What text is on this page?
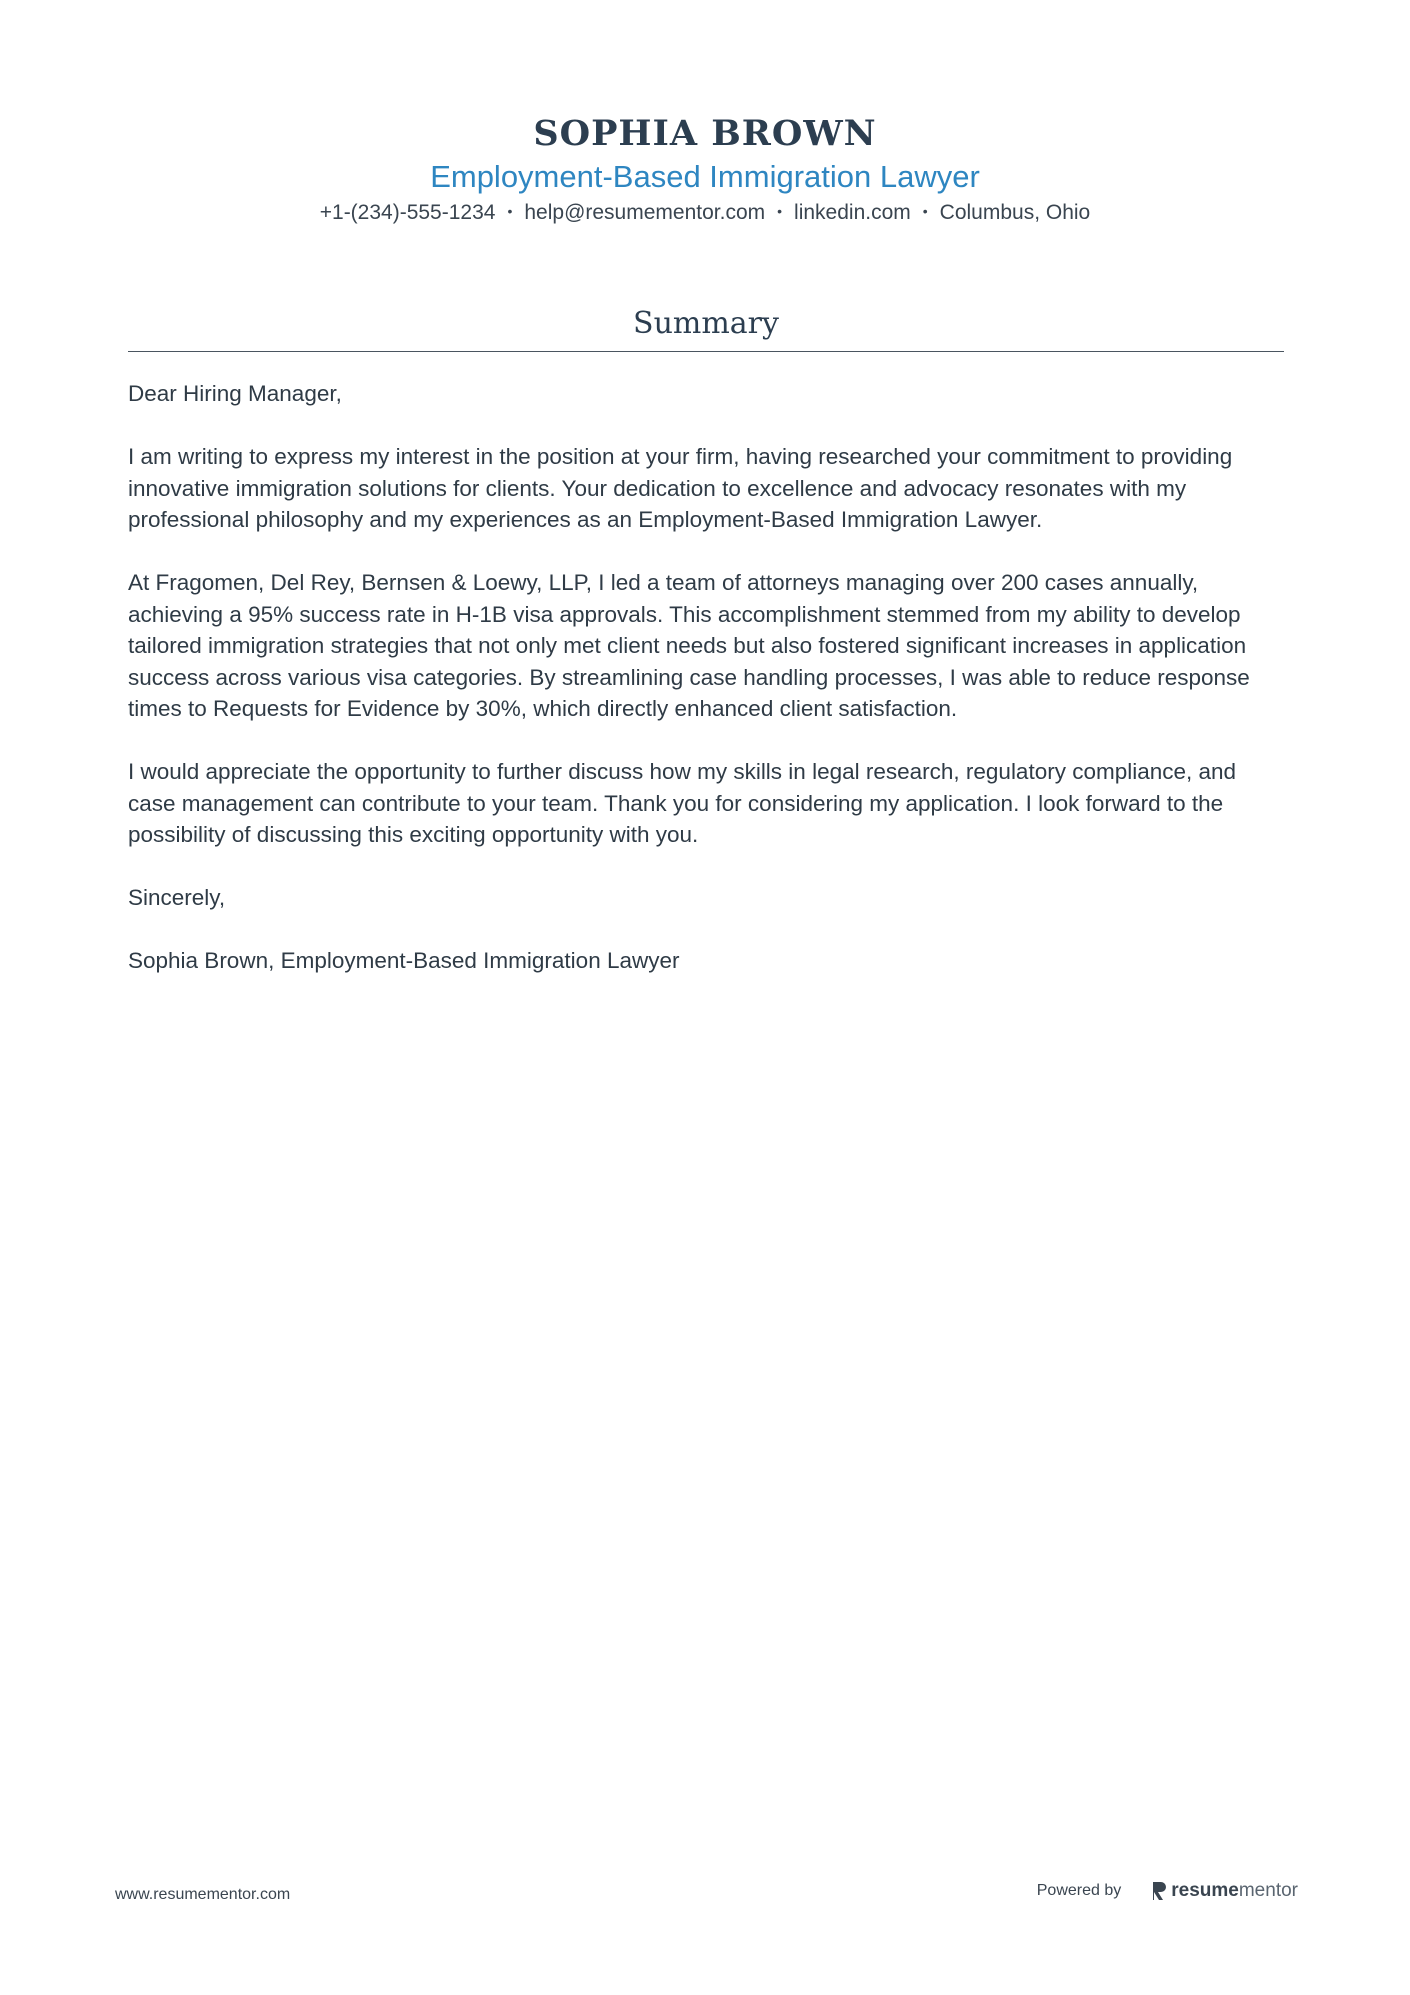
SOPHIA BROWN
Employment-Based Immigration Lawyer
+1-(234)-555-1234 • help@resumementor.com • linkedin.com • Columbus, Ohio
Summary

Dear Hiring Manager,

I am writing to express my interest in the position at your firm, having researched your commitment to providing innovative immigration solutions for clients. Your dedication to excellence and advocacy resonates with my professional philosophy and my experiences as an Employment-Based Immigration Lawyer.

At Fragomen, Del Rey, Bernsen & Loewy, LLP, I led a team of attorneys managing over 200 cases annually, achieving a 95% success rate in H-1B visa approvals. This accomplishment stemmed from my ability to develop tailored immigration strategies that not only met client needs but also fostered significant increases in application success across various visa categories. By streamlining case handling processes, I was able to reduce response times to Requests for Evidence by 30%, which directly enhanced client satisfaction.

I would appreciate the opportunity to further discuss how my skills in legal research, regulatory compliance, and case management can contribute to your team. Thank you for considering my application. I look forward to the possibility of discussing this exciting opportunity with you.

Sincerely,

Sophia Brown, Employment-Based Immigration Lawyer

www.resumementor.com	Powered by	resume mentor
